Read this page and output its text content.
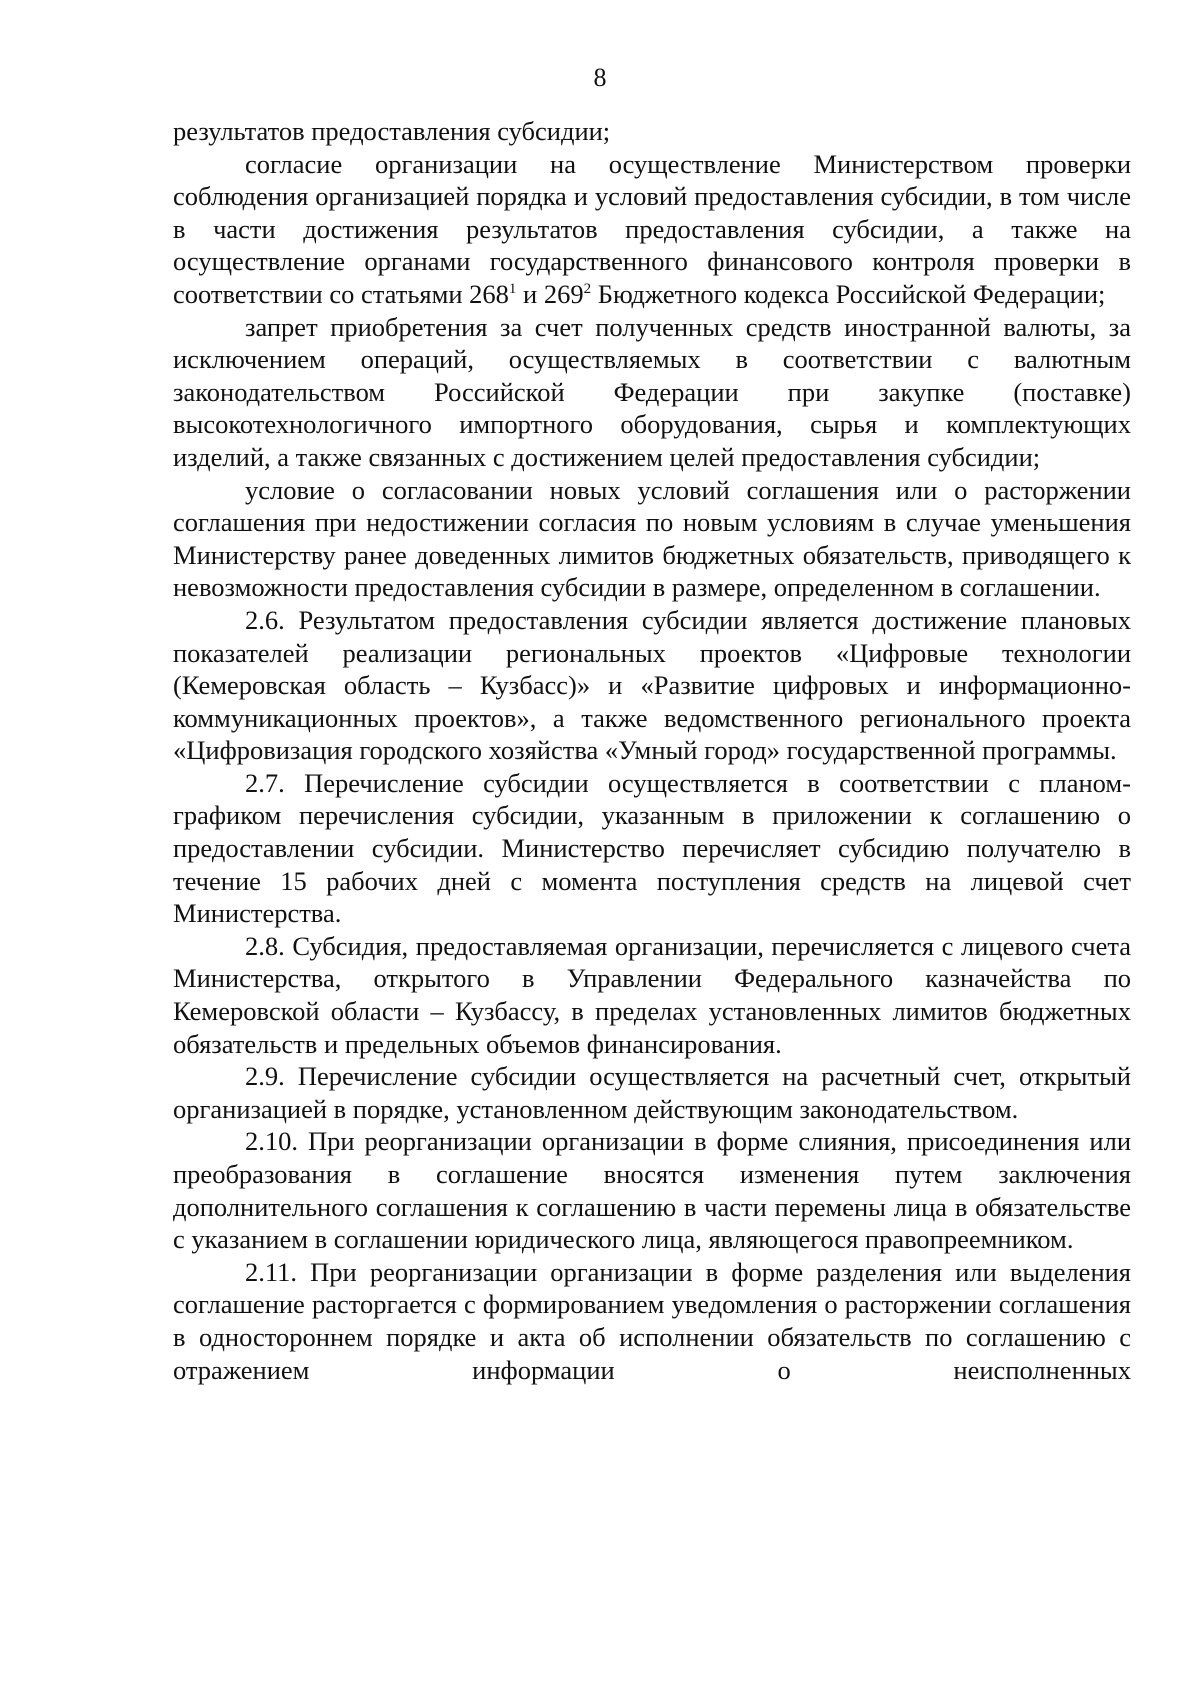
8

результатов предоставления субсидии;

согласие организации на осуществление Министерством проверки соблюдения организацией порядка и условий предоставления субсидии, в том числе в части достижения результатов предоставления субсидии, а также на осуществление органами государственного финансового контроля проверки в соответствии со статьями $268^1$ и $269^2$ Бюджетного кодекса Российской Федерации;

запрет приобретения за счет полученных средств иностранной валюты, за исключением операций, осуществляемых в соответствии с валютным законодательством Российской Федерации при закупке (поставке) высокотехнологичного импортного оборудования, сырья и комплектующих изделий, а также связанных с достижением целей предоставления субсидии;

условие о согласовании новых условий соглашения или о расторжении соглашения при недостижении согласия по новым условиям в случае уменьшения Министерству ранее доведенных лимитов бюджетных обязательств, приводящего к невозможности предоставления субсидии в размере, определенном в соглашении.

2.6. Результатом предоставления субсидии является достижение плановых показателей реализации региональных проектов «Цифровые технологии (Кемеровская область – Кузбасс)» и «Развитие цифровых и информационно-коммуникационных проектов», а также ведомственного регионального проекта «Цифровизация городского хозяйства «Умный город» государственной программы.

2.7. Перечисление субсидии осуществляется в соответствии с планом-графиком перечисления субсидии, указанным в приложении к соглашению о предоставлении субсидии. Министерство перечисляет субсидию получателю в течение 15 рабочих дней с момента поступления средств на лицевой счет Министерства.

2.8. Субсидия, предоставляемая организации, перечисляется с лицевого счета Министерства, открытого в Управлении Федерального казначейства по Кемеровской области – Кузбассу, в пределах установленных лимитов бюджетных обязательств и предельных объемов финансирования.

2.9. Перечисление субсидии осуществляется на расчетный счет, открытый организацией в порядке, установленном действующим законодательством.

2.10. При реорганизации организации в форме слияния, присоединения или преобразования в соглашение вносятся изменения путем заключения дополнительного соглашения к соглашению в части перемены лица в обязательстве с указанием в соглашении юридического лица, являющегося правопреемником.

2.11. При реорганизации организации в форме разделения или выделения соглашение расторгается с формированием уведомления о расторжении соглашения в одностороннем порядке и акта об исполнении обязательств по соглашению с отражением информации о неисполненных
